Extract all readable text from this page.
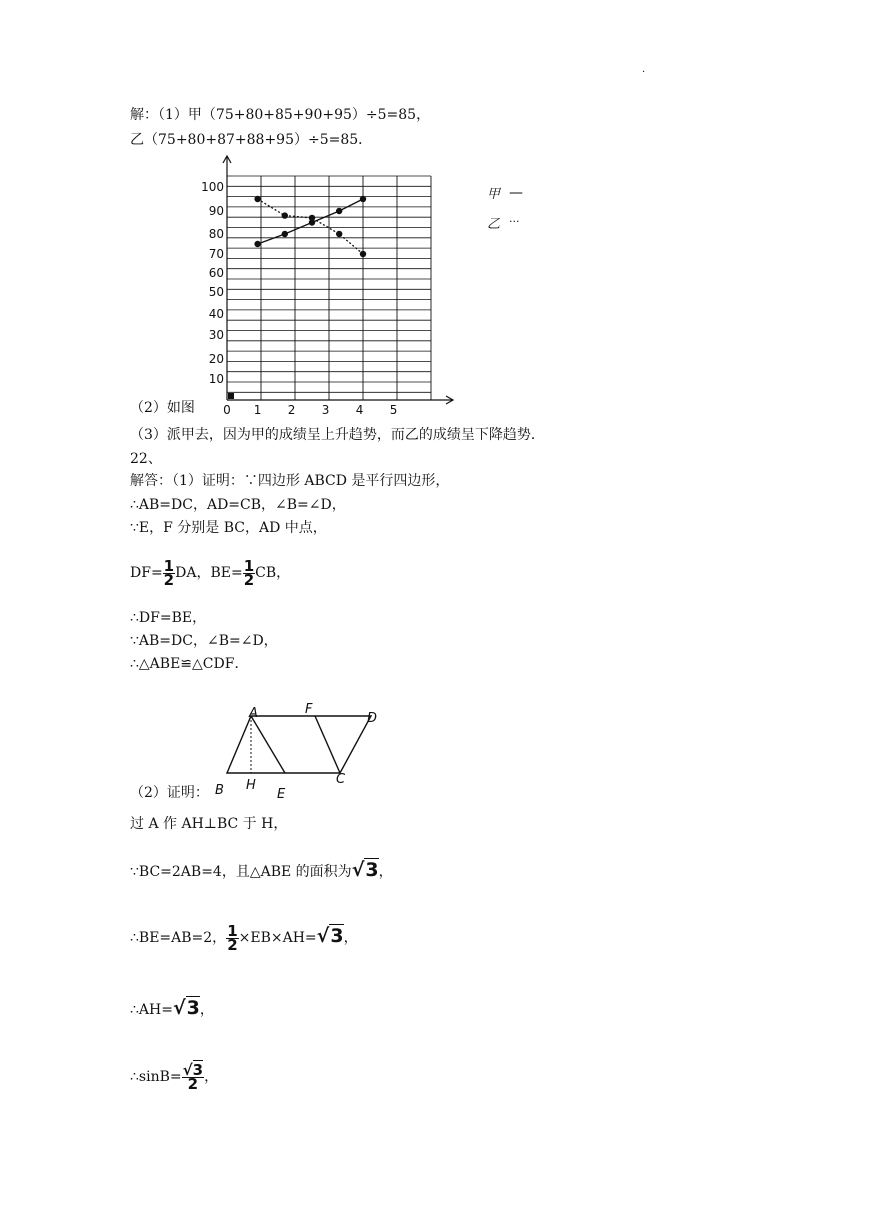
·
解：（1）甲（75+80+85+90+95）÷5=85，
乙（75+80+87+88+95）÷5=85．
0 1 2 3 4 5
10
20
30
40
50
60
70
80
90
100	甲 —
乙 ···
（2）如图
（3）派甲去，因为甲的成绩呈上升趋势，而乙的成绩呈下降趋势．
22、
解答：（1）证明：∵四边形 ABCD 是平行四边形，
∴AB=DC，AD=CB，∠B=∠D，
∵E，F 分别是 BC，AD 中点，
$DF= \frac{1}{2}$ DA，$BE= \frac{1}{2}$ CB，
∴DF=BE，
∵AB=DC，∠B=∠D，
∴△ABE≌△CDF．
A	D
B H
E
F
C
（2）证明：
过 A 作 AH⊥BC 于 H，
∵BC=2AB=4，且△ABE 的面积为√3，
∴BE=AB=2， $\frac{1}{2} \times EB\times AH=√3$，
∴AH=√3，
∴sinB= $\frac{√3}{2}$ ，
